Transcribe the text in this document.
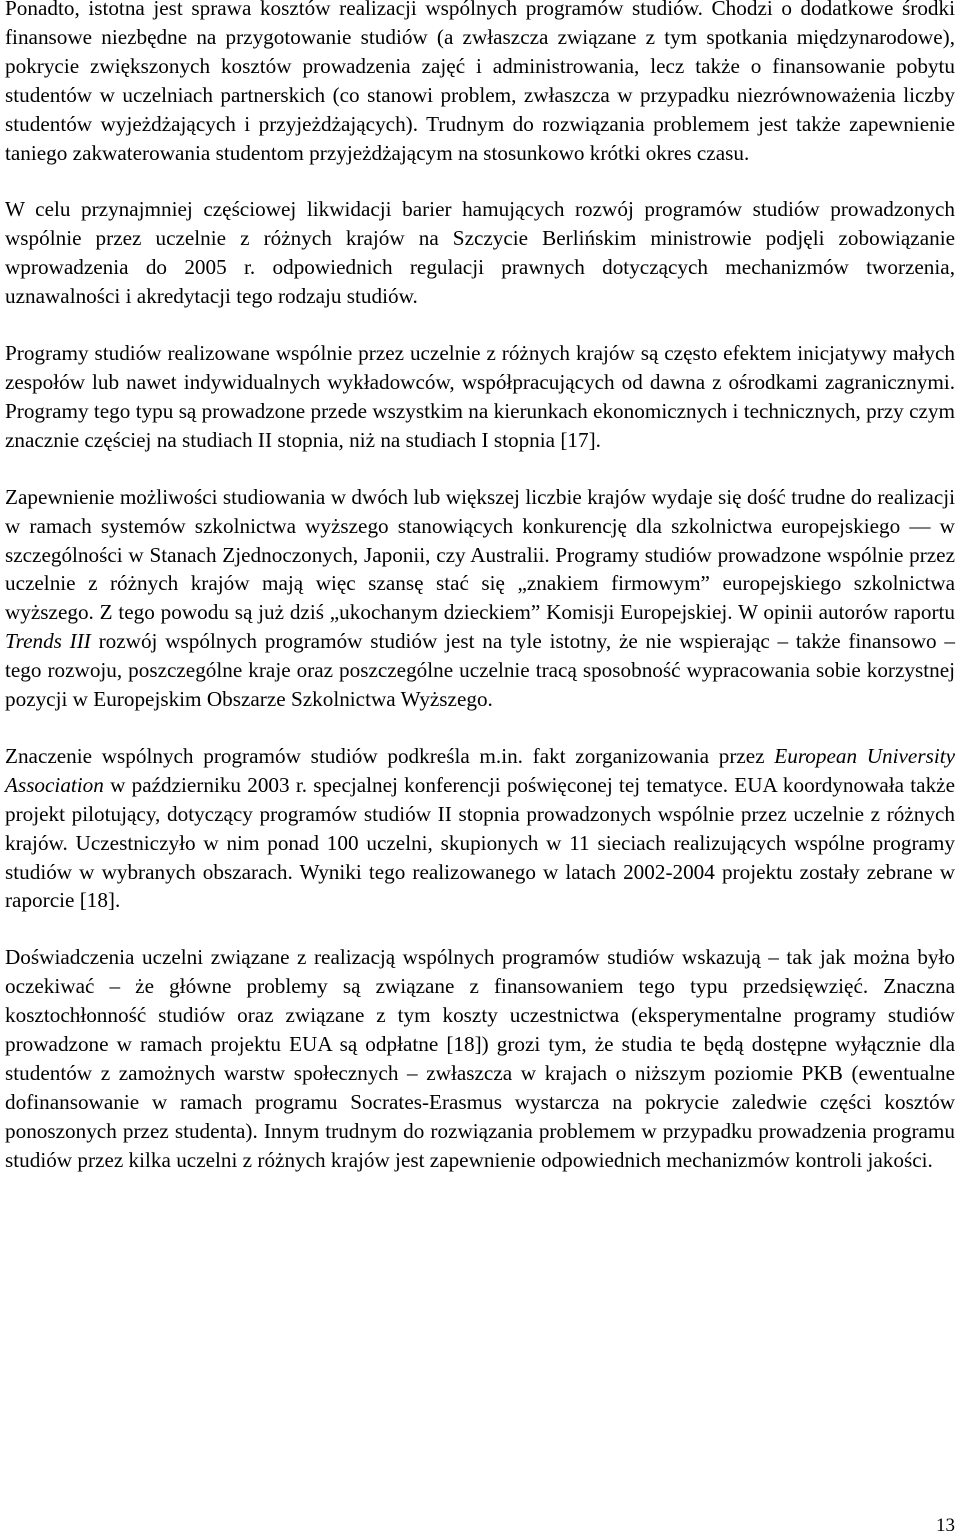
Ponadto, istotna jest sprawa kosztów realizacji wspólnych programów studiów. Chodzi o dodatkowe środki finansowe niezbędne na przygotowanie studiów (a zwłaszcza związane z tym spotkania międzynarodowe), pokrycie zwiększonych kosztów prowadzenia zajęć i administrowania, lecz także o finansowanie pobytu studentów w uczelniach partnerskich (co stanowi problem, zwłaszcza w przypadku niezrównoważenia liczby studentów wyjeżdżających i przyjeżdżających). Trudnym do rozwiązania problemem jest także zapewnienie taniego zakwaterowania studentom przyjeżdżającym na stosunkowo krótki okres czasu.

W celu przynajmniej częściowej likwidacji barier hamujących rozwój programów studiów prowadzonych wspólnie przez uczelnie z różnych krajów na Szczycie Berlińskim ministrowie podjęli zobowiązanie wprowadzenia do 2005 r. odpowiednich regulacji prawnych dotyczących mechanizmów tworzenia, uznawalności i akredytacji tego rodzaju studiów.

Programy studiów realizowane wspólnie przez uczelnie z różnych krajów są często efektem inicjatywy małych zespołów lub nawet indywidualnych wykładowców, współpracujących od dawna z ośrodkami zagranicznymi. Programy tego typu są prowadzone przede wszystkim na kierunkach ekonomicznych i technicznych, przy czym znacznie częściej na studiach II stopnia, niż na studiach I stopnia [17].

Zapewnienie możliwości studiowania w dwóch lub większej liczbie krajów wydaje się dość trudne do realizacji w ramach systemów szkolnictwa wyższego stanowiących konkurencję dla szkolnictwa europejskiego — w szczególności w Stanach Zjednoczonych, Japonii, czy Australii. Programy studiów prowadzone wspólnie przez uczelnie z różnych krajów mają więc szansę stać się „znakiem firmowym” europejskiego szkolnictwa wyższego. Z tego powodu są już dziś „ukochanym dzieckiem” Komisji Europejskiej. W opinii autorów raportu Trends III rozwój wspólnych programów studiów jest na tyle istotny, że nie wspierając – także finansowo – tego rozwoju, poszczególne kraje oraz poszczególne uczelnie tracą sposobność wypracowania sobie korzystnej pozycji w Europejskim Obszarze Szkolnictwa Wyższego.

Znaczenie wspólnych programów studiów podkreśla m.in. fakt zorganizowania przez European University Association w październiku 2003 r. specjalnej konferencji poświęconej tej tematyce. EUA koordynowała także projekt pilotujący, dotyczący programów studiów II stopnia prowadzonych wspólnie przez uczelnie z różnych krajów. Uczestniczyło w nim ponad 100 uczelni, skupionych w 11 sieciach realizujących wspólne programy studiów w wybranych obszarach. Wyniki tego realizowanego w latach 2002-2004 projektu zostały zebrane w raporcie [18].

Doświadczenia uczelni związane z realizacją wspólnych programów studiów wskazują – tak jak można było oczekiwać – że główne problemy są związane z finansowaniem tego typu przedsięwzięć. Znaczna kosztochłonność studiów oraz związane z tym koszty uczestnictwa (eksperymentalne programy studiów prowadzone w ramach projektu EUA są odpłatne [18]) grozi tym, że studia te będą dostępne wyłącznie dla studentów z zamożnych warstw społecznych – zwłaszcza w krajach o niższym poziomie PKB (ewentualne dofinansowanie w ramach programu Socrates-Erasmus wystarcza na pokrycie zaledwie części kosztów ponoszonych przez studenta). Innym trudnym do rozwiązania problemem w przypadku prowadzenia programu studiów przez kilka uczelni z różnych krajów jest zapewnienie odpowiednich mechanizmów kontroli jakości.

13
